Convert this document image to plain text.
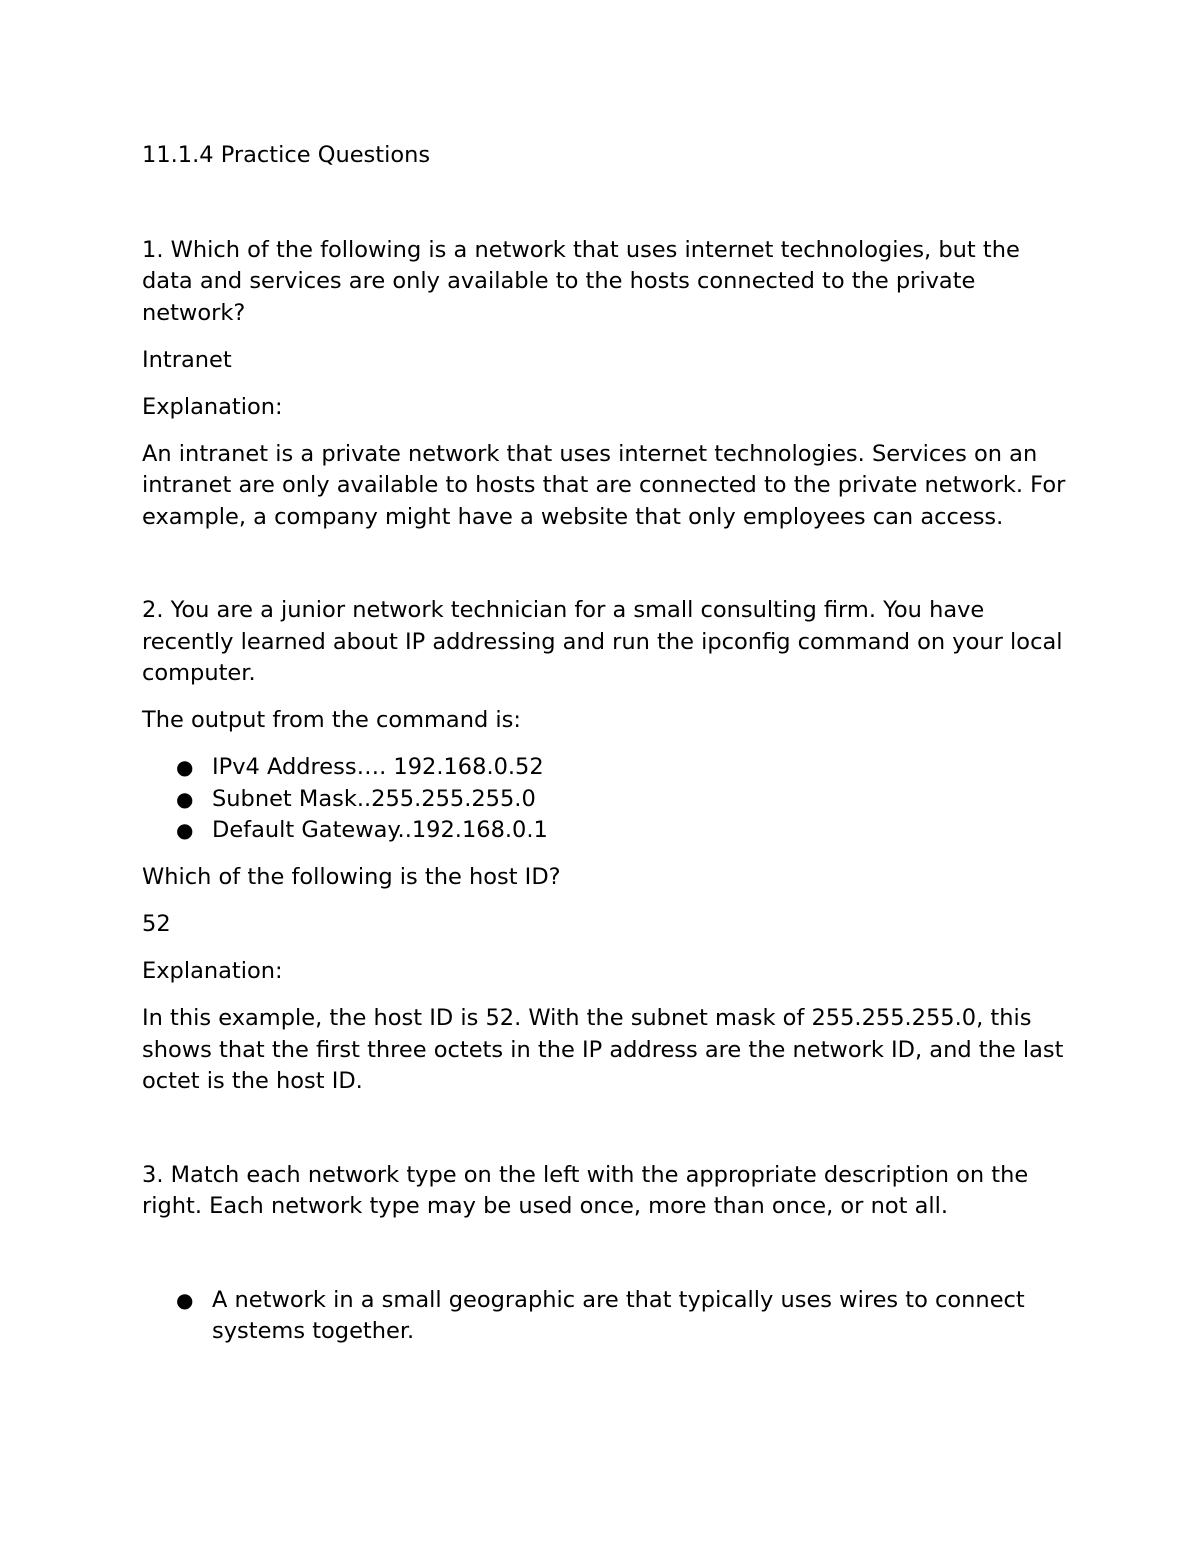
11.1.4 Practice Questions

1. Which of the following is a network that uses internet technologies, but the data and services are only available to the hosts connected to the private network?

Intranet

Explanation:

An intranet is a private network that uses internet technologies. Services on an intranet are only available to hosts that are connected to the private network. For example, a company might have a website that only employees can access.

2. You are a junior network technician for a small consulting firm. You have recently learned about IP addressing and run the ipconfig command on your local computer.

The output from the command is:

● IPv4 Address…. 192.168.0.52
● Subnet Mask..255.255.255.0
● Default Gateway..192.168.0.1

Which of the following is the host ID?

52

Explanation:

In this example, the host ID is 52. With the subnet mask of 255.255.255.0, this shows that the first three octets in the IP address are the network ID, and the last octet is the host ID.

3. Match each network type on the left with the appropriate description on the right. Each network type may be used once, more than once, or not all.

● A network in a small geographic are that typically uses wires to connect systems together.
